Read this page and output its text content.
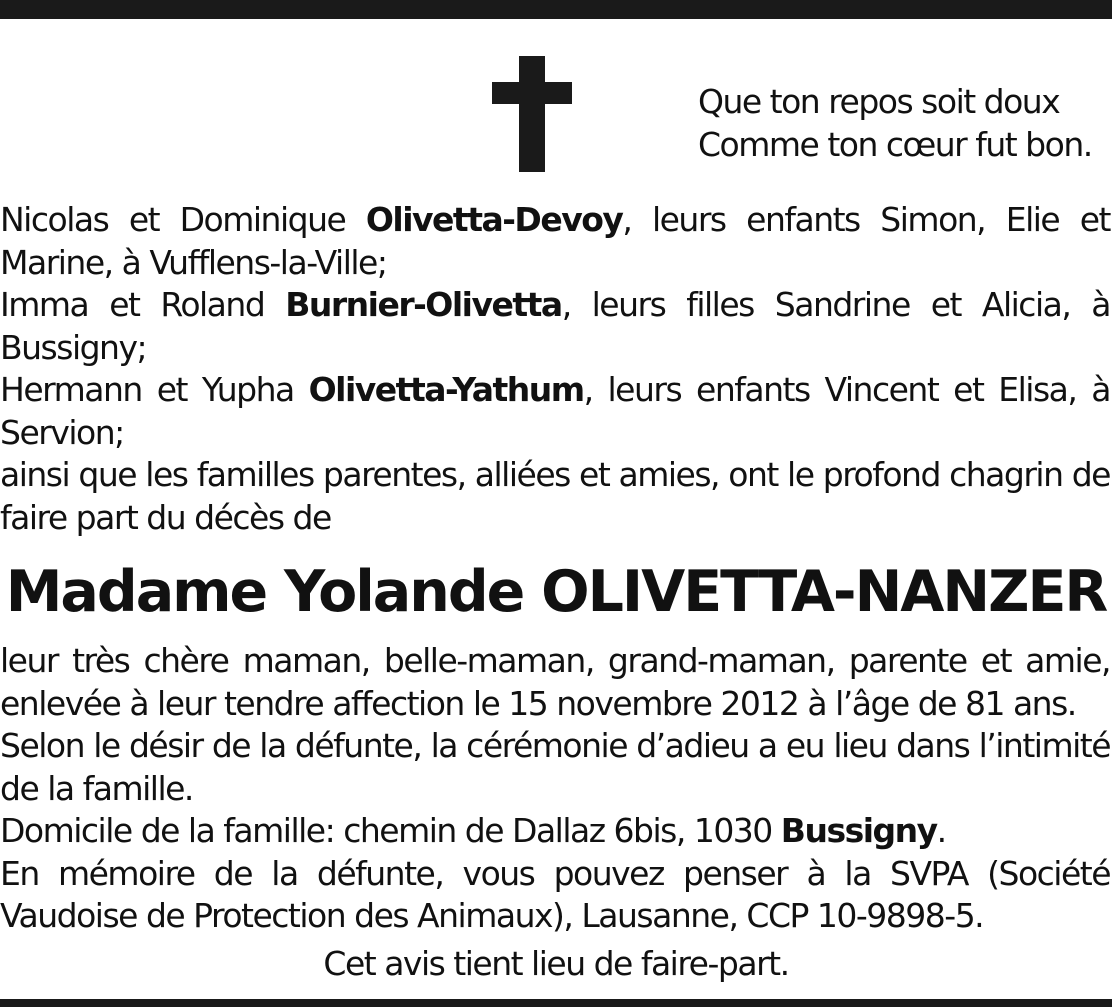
Que ton repos soit doux
Comme ton cœur fut bon.

Nicolas et Dominique Olivetta-Devoy, leurs enfants Simon, Elie et Marine, à Vufflens-la-Ville;

Imma et Roland Burnier-Olivetta, leurs filles Sandrine et Alicia, à Bussigny;

Hermann et Yupha Olivetta-Yathum, leurs enfants Vincent et Elisa, à Servion;

ainsi que les familles parentes, alliées et amies, ont le profond chagrin de faire part du décès de

Madame Yolande OLIVETTA-NANZER

leur très chère maman, belle-maman, grand-maman, parente et amie,

enlevée à leur tendre affection le 15 novembre 2012 à l’âge de 81 ans.

Selon le désir de la défunte, la cérémonie d’adieu a eu lieu dans l’intimité de la famille.

Domicile de la famille: chemin de Dallaz 6bis, 1030 Bussigny.

En mémoire de la défunte, vous pouvez penser à la SVPA (Société Vaudoise de Protection des Animaux), Lausanne, CCP 10-9898-5.

Cet avis tient lieu de faire-part.
